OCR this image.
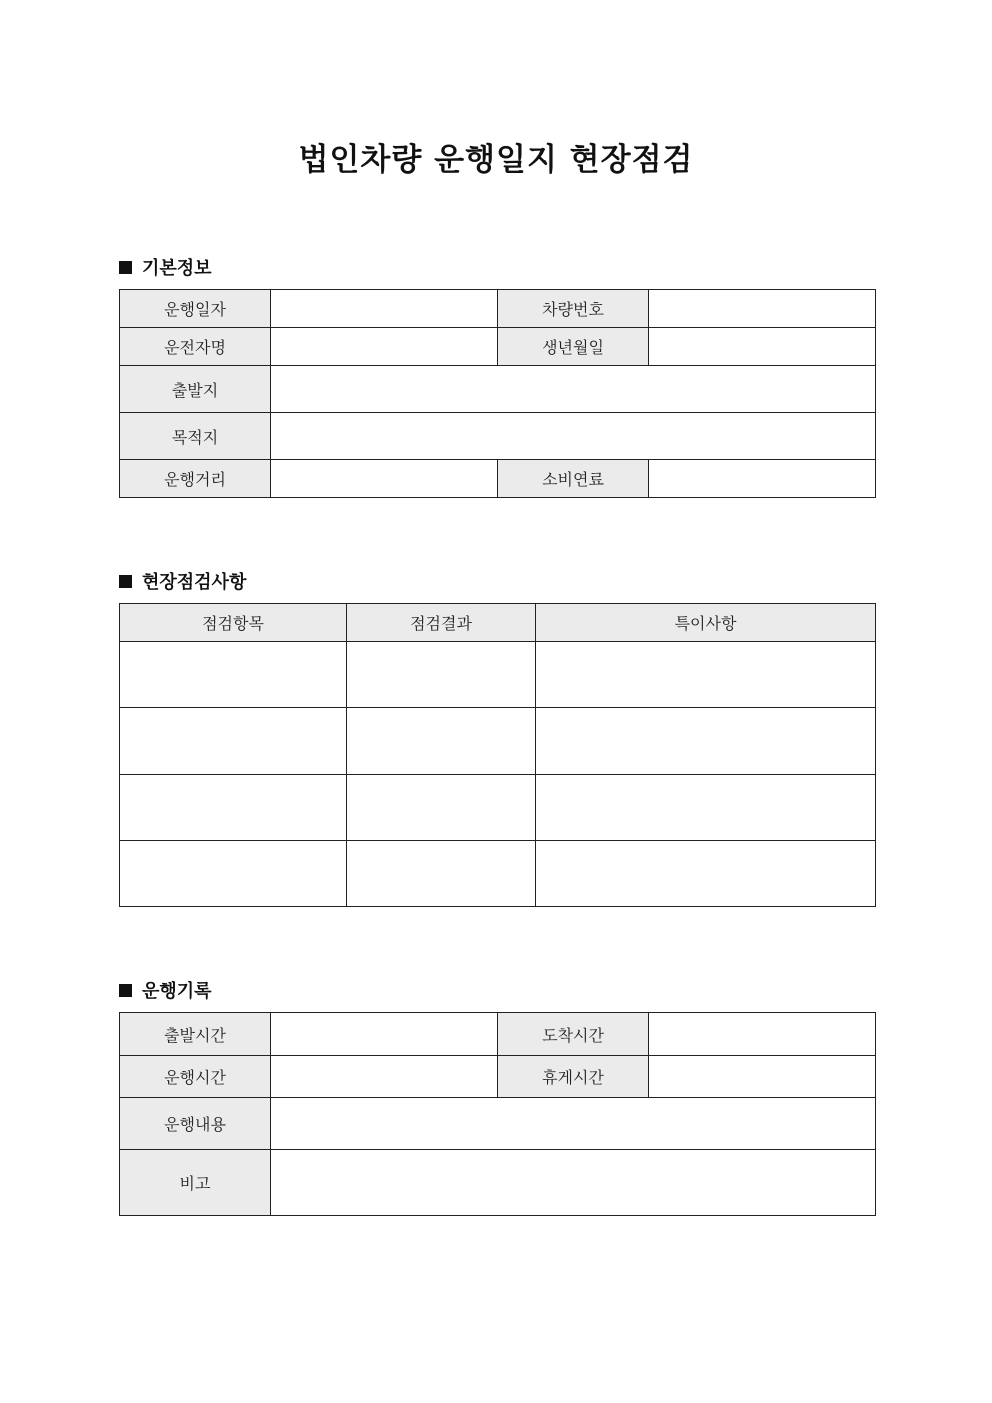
법인차량 운행일지 현장점검
기본정보
운행일자		차량번호	
운전자명		생년월일	
출발지			
목적지			
운행거리		소비연료	
현장점검사항
점검항목	점검결과	특이사항

운행기록
출발시간		도착시간	
운행시간		휴게시간	
운행내용			
비고			
